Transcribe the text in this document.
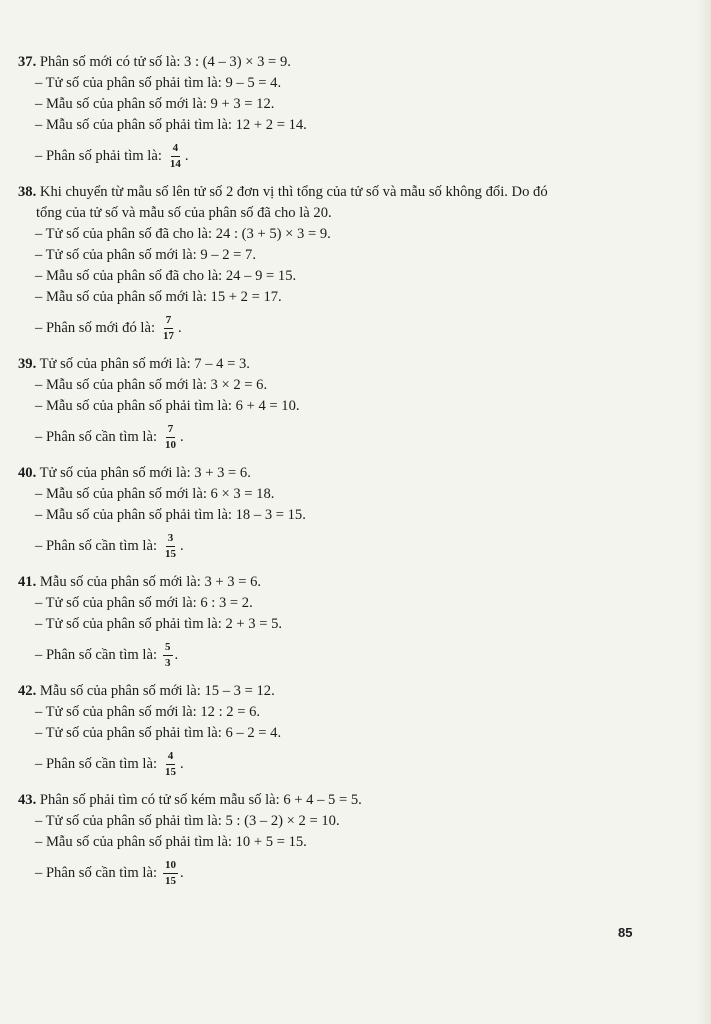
37. Phân số mới có tử số là: 3 : (4 – 3) × 3 = 9.

– Tử số của phân số phải tìm là: 9 – 5 = 4.

– Mẫu số của phân số mới là: 9 + 3 = 12.

– Mẫu số của phân số phải tìm là: 12 + 2 = 14.

– Phân số phải tìm là: $\frac{4}{14}$ .

38. Khi chuyển từ mẫu số lên tử số 2 đơn vị thì tổng của tử số và mẫu số không đổi. Do đó

tổng của tử số và mẫu số của phân số đã cho là 20.

– Tử số của phân số đã cho là: 24 : (3 + 5) × 3 = 9.

– Tử số của phân số mới là: 9 – 2 = 7.

– Mẫu số của phân số đã cho là: 24 – 9 = 15.

– Mẫu số của phân số mới là: 15 + 2 = 17.

– Phân số mới đó là: $\frac{7}{17}$ .

39. Tử số của phân số mới là: 7 – 4 = 3.

– Mẫu số của phân số mới là: 3 × 2 = 6.

– Mẫu số của phân số phải tìm là: 6 + 4 = 10.

– Phân số cần tìm là: $\frac{7}{10}$ .

40. Tử số của phân số mới là: 3 + 3 = 6.

– Mẫu số của phân số mới là: 6 × 3 = 18.

– Mẫu số của phân số phải tìm là: 18 – 3 = 15.

– Phân số cần tìm là: $\frac{3}{15}$ .

41. Mẫu số của phân số mới là: 3 + 3 = 6.

– Tử số của phân số mới là: 6 : 3 = 2.

– Tử số của phân số phải tìm là: 2 + 3 = 5.

– Phân số cần tìm là: $\frac{5}{3}$ .

42. Mẫu số của phân số mới là: 15 – 3 = 12.

– Tử số của phân số mới là: 12 : 2 = 6.

– Tử số của phân số phải tìm là: 6 – 2 = 4.

– Phân số cần tìm là: $\frac{4}{15}$ .

43. Phân số phải tìm có tử số kém mẫu số là: 6 + 4 – 5 = 5.

– Tử số của phân số phải tìm là: 5 : (3 – 2) × 2 = 10.

– Mẫu số của phân số phải tìm là: 10 + 5 = 15.

– Phân số cần tìm là: $\frac{10}{15}$ .
85
